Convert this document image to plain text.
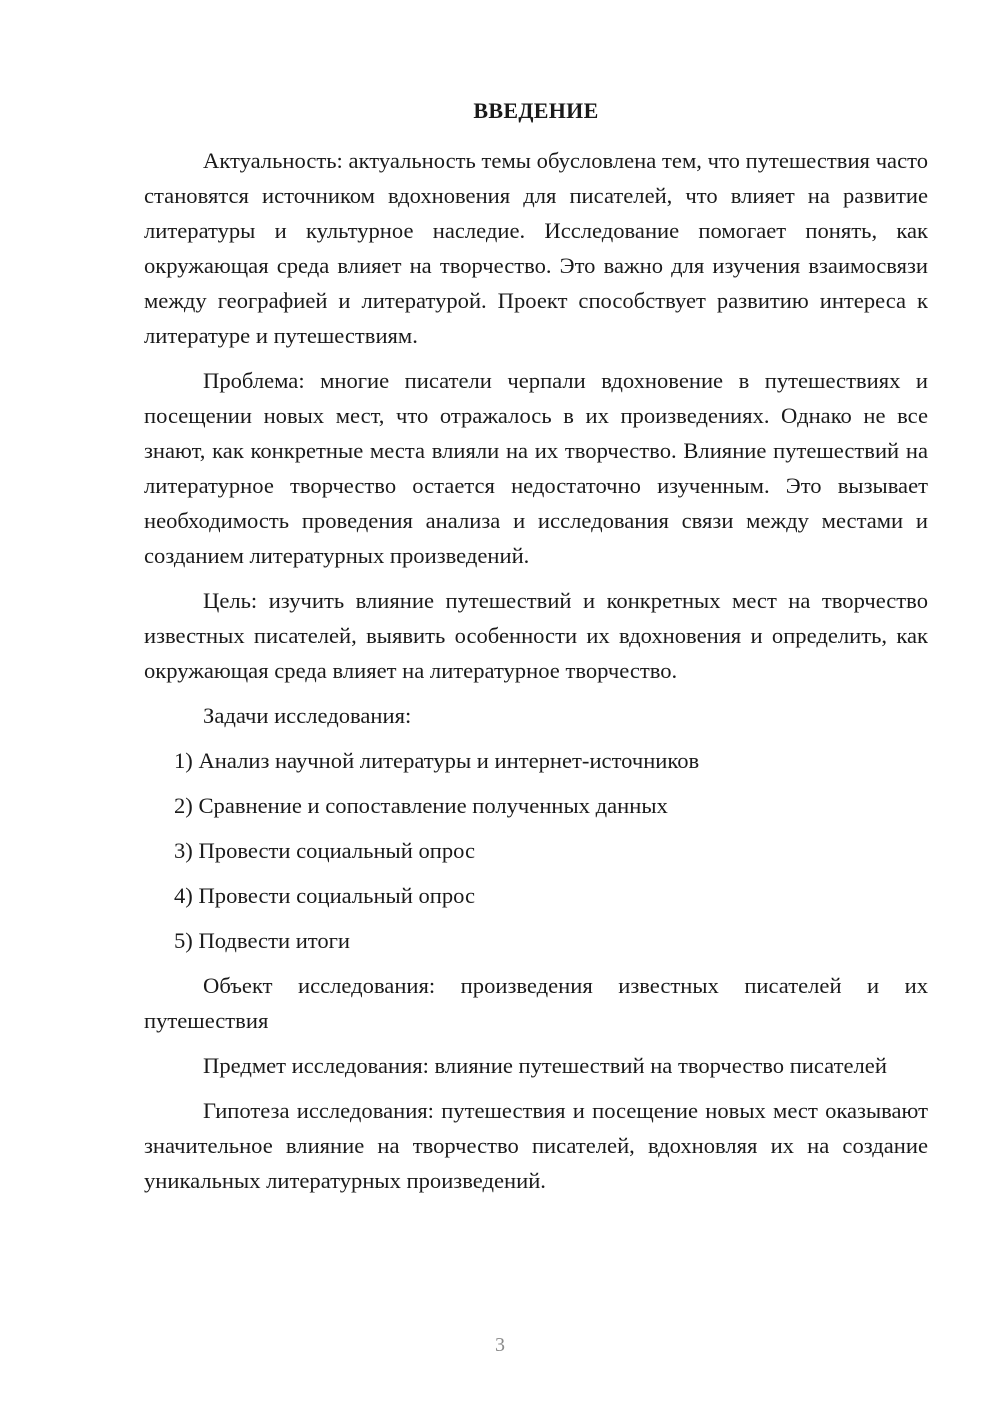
ВВЕДЕНИЕ

Актуальность: актуальность темы обусловлена тем, что путешествия часто становятся источником вдохновения для писателей, что влияет на развитие литературы и культурное наследие. Исследование помогает понять, как окружающая среда влияет на творчество. Это важно для изучения взаимосвязи между географией и литературой. Проект способствует развитию интереса к литературе и путешествиям.

Проблема: многие писатели черпали вдохновение в путешествиях и посещении новых мест, что отражалось в их произведениях. Однако не все знают, как конкретные места влияли на их творчество. Влияние путешествий на литературное творчество остается недостаточно изученным. Это вызывает необходимость проведения анализа и исследования связи между местами и созданием литературных произведений.

Цель: изучить влияние путешествий и конкретных мест на творчество известных писателей, выявить особенности их вдохновения и определить, как окружающая среда влияет на литературное творчество.

Задачи исследования:

1) Анализ научной литературы и интернет-источников

2) Сравнение и сопоставление полученных данных

3) Провести социальный опрос

4) Провести социальный опрос

5) Подвести итоги

Объект исследования: произведения известных писателей и их путешествия

Предмет исследования: влияние путешествий на творчество писателей

Гипотеза исследования: путешествия и посещение новых мест оказывают значительное влияние на творчество писателей, вдохновляя их на создание уникальных литературных произведений.

3
